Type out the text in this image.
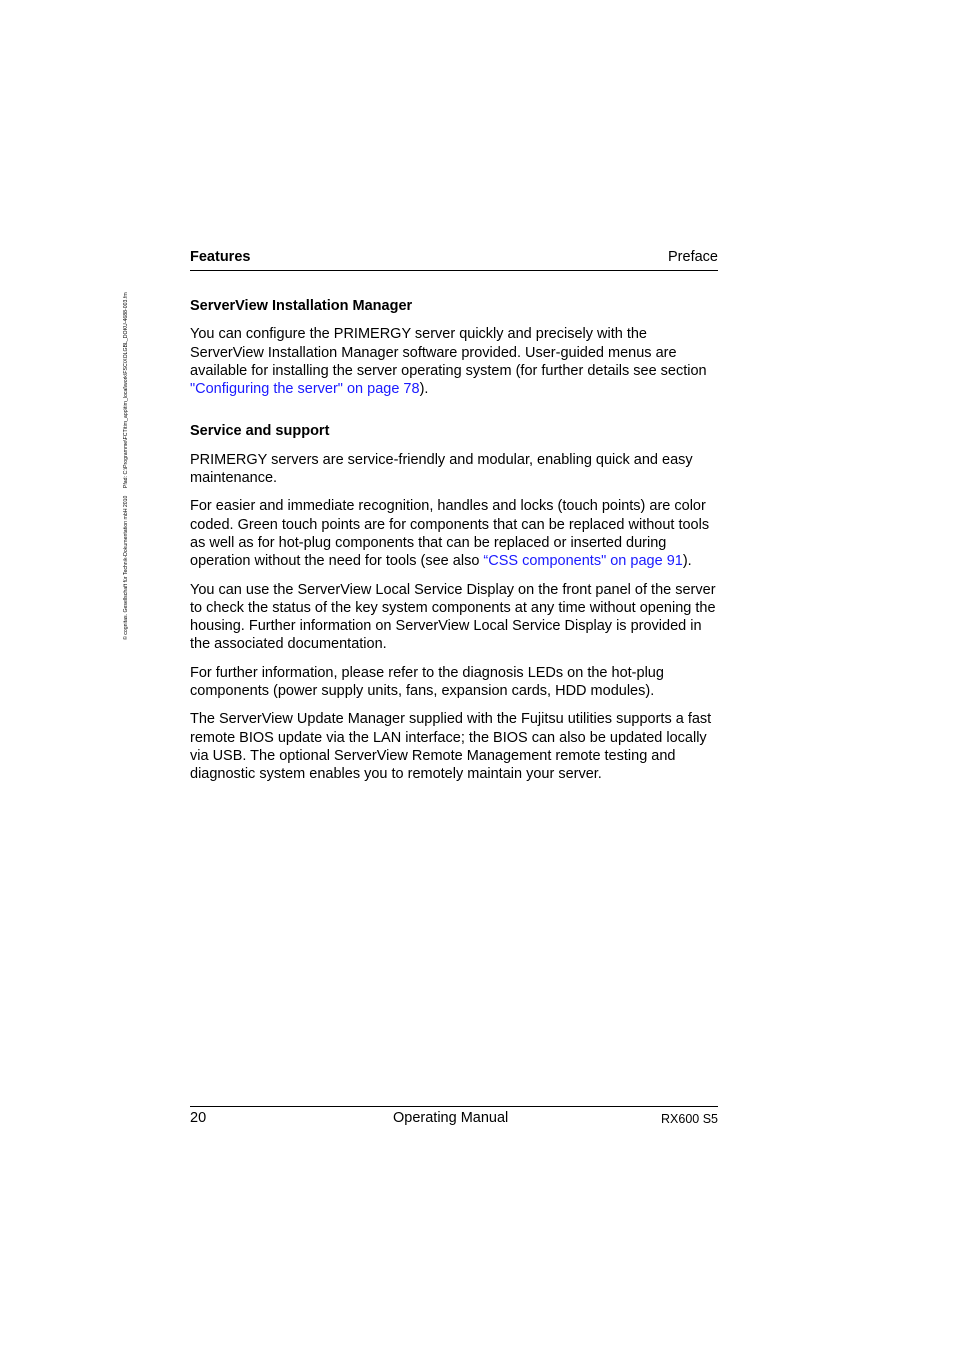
© cognitas. Gesellschaft für Technik-Dokumentation mbH 2010 Pfad: C:\Programme\FCT\tim_app\tim_local\work\FSC\XOLGBL_DOKU-4688-003.fm
Features	Preface
ServerView Installation Manager

You can configure the PRIMERGY server quickly and precisely with the ServerView Installation Manager software provided. User-guided menus are available for installing the server operating system (for further details see section "Configuring the server" on page 78).

Service and support

PRIMERGY servers are service-friendly and modular, enabling quick and easy maintenance.

For easier and immediate recognition, handles and locks (touch points) are color coded. Green touch points are for components that can be replaced without tools as well as for hot-plug components that can be replaced or inserted during operation without the need for tools (see also “CSS components" on page 91).

You can use the ServerView Local Service Display on the front panel of the server to check the status of the key system components at any time without opening the housing. Further information on ServerView Local Service Display is provided in the associated documentation.

For further information, please refer to the diagnosis LEDs on the hot-plug components (power supply units, fans, expansion cards, HDD modules).

The ServerView Update Manager supplied with the Fujitsu utilities supports a fast remote BIOS update via the LAN interface; the BIOS can also be updated locally via USB. The optional ServerView Remote Management remote testing and diagnostic system enables you to remotely maintain your server.

20	Operating Manual	RX600 S5
